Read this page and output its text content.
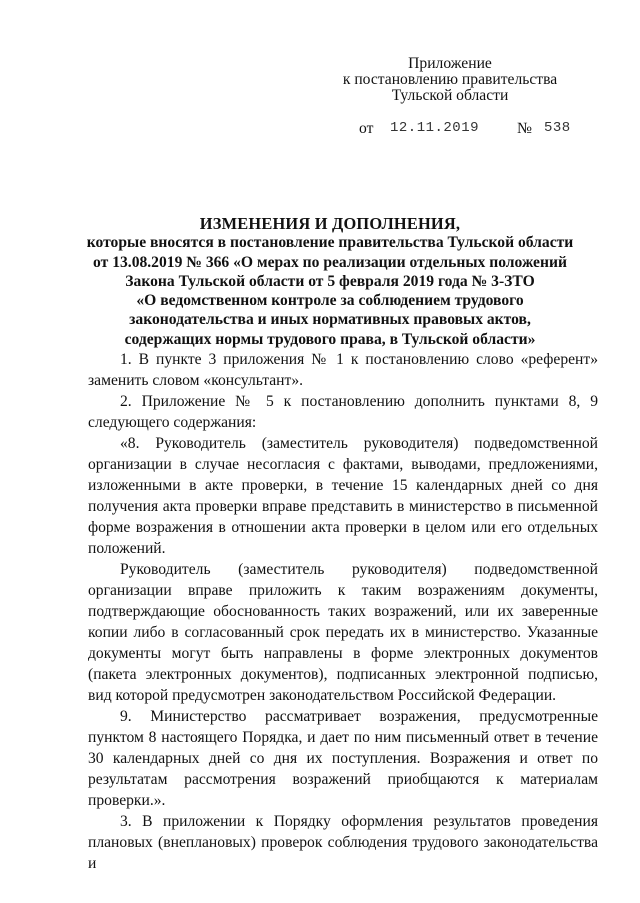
Приложение
к постановлению правительства
Тульской области
от 12.11.2019 № 538
ИЗМЕНЕНИЯ И ДОПОЛНЕНИЯ,
которые вносятся в постановление правительства Тульской области
от 13.08.2019 № 366 «О мерах по реализации отдельных положений
Закона Тульской области от 5 февраля 2019 года № 3-ЗТО
«О ведомственном контроле за соблюдением трудового
законодательства и иных нормативных правовых актов,
содержащих нормы трудового права, в Тульской области»

1. В пункте 3 приложения № 1 к постановлению слово «референт» заменить словом «консультант».

2. Приложение № 5 к постановлению дополнить пунктами 8, 9 следующего содержания:

«8. Руководитель (заместитель руководителя) подведомственной организации в случае несогласия с фактами, выводами, предложениями, изложенными в акте проверки, в течение 15 календарных дней со дня получения акта проверки вправе представить в министерство в письменной форме возражения в отношении акта проверки в целом или его отдельных положений.

Руководитель (заместитель руководителя) подведомственной организации вправе приложить к таким возражениям документы, подтверждающие обоснованность таких возражений, или их заверенные копии либо в согласованный срок передать их в министерство. Указанные документы могут быть направлены в форме электронных документов (пакета электронных документов), подписанных электронной подписью, вид которой предусмотрен законодательством Российской Федерации.

9. Министерство рассматривает возражения, предусмотренные пунктом 8 настоящего Порядка, и дает по ним письменный ответ в течение 30 календарных дней со дня их поступления. Возражения и ответ по результатам рассмотрения возражений приобщаются к материалам проверки.».

3. В приложении к Порядку оформления результатов проведения плановых (внеплановых) проверок соблюдения трудового законодательства и
